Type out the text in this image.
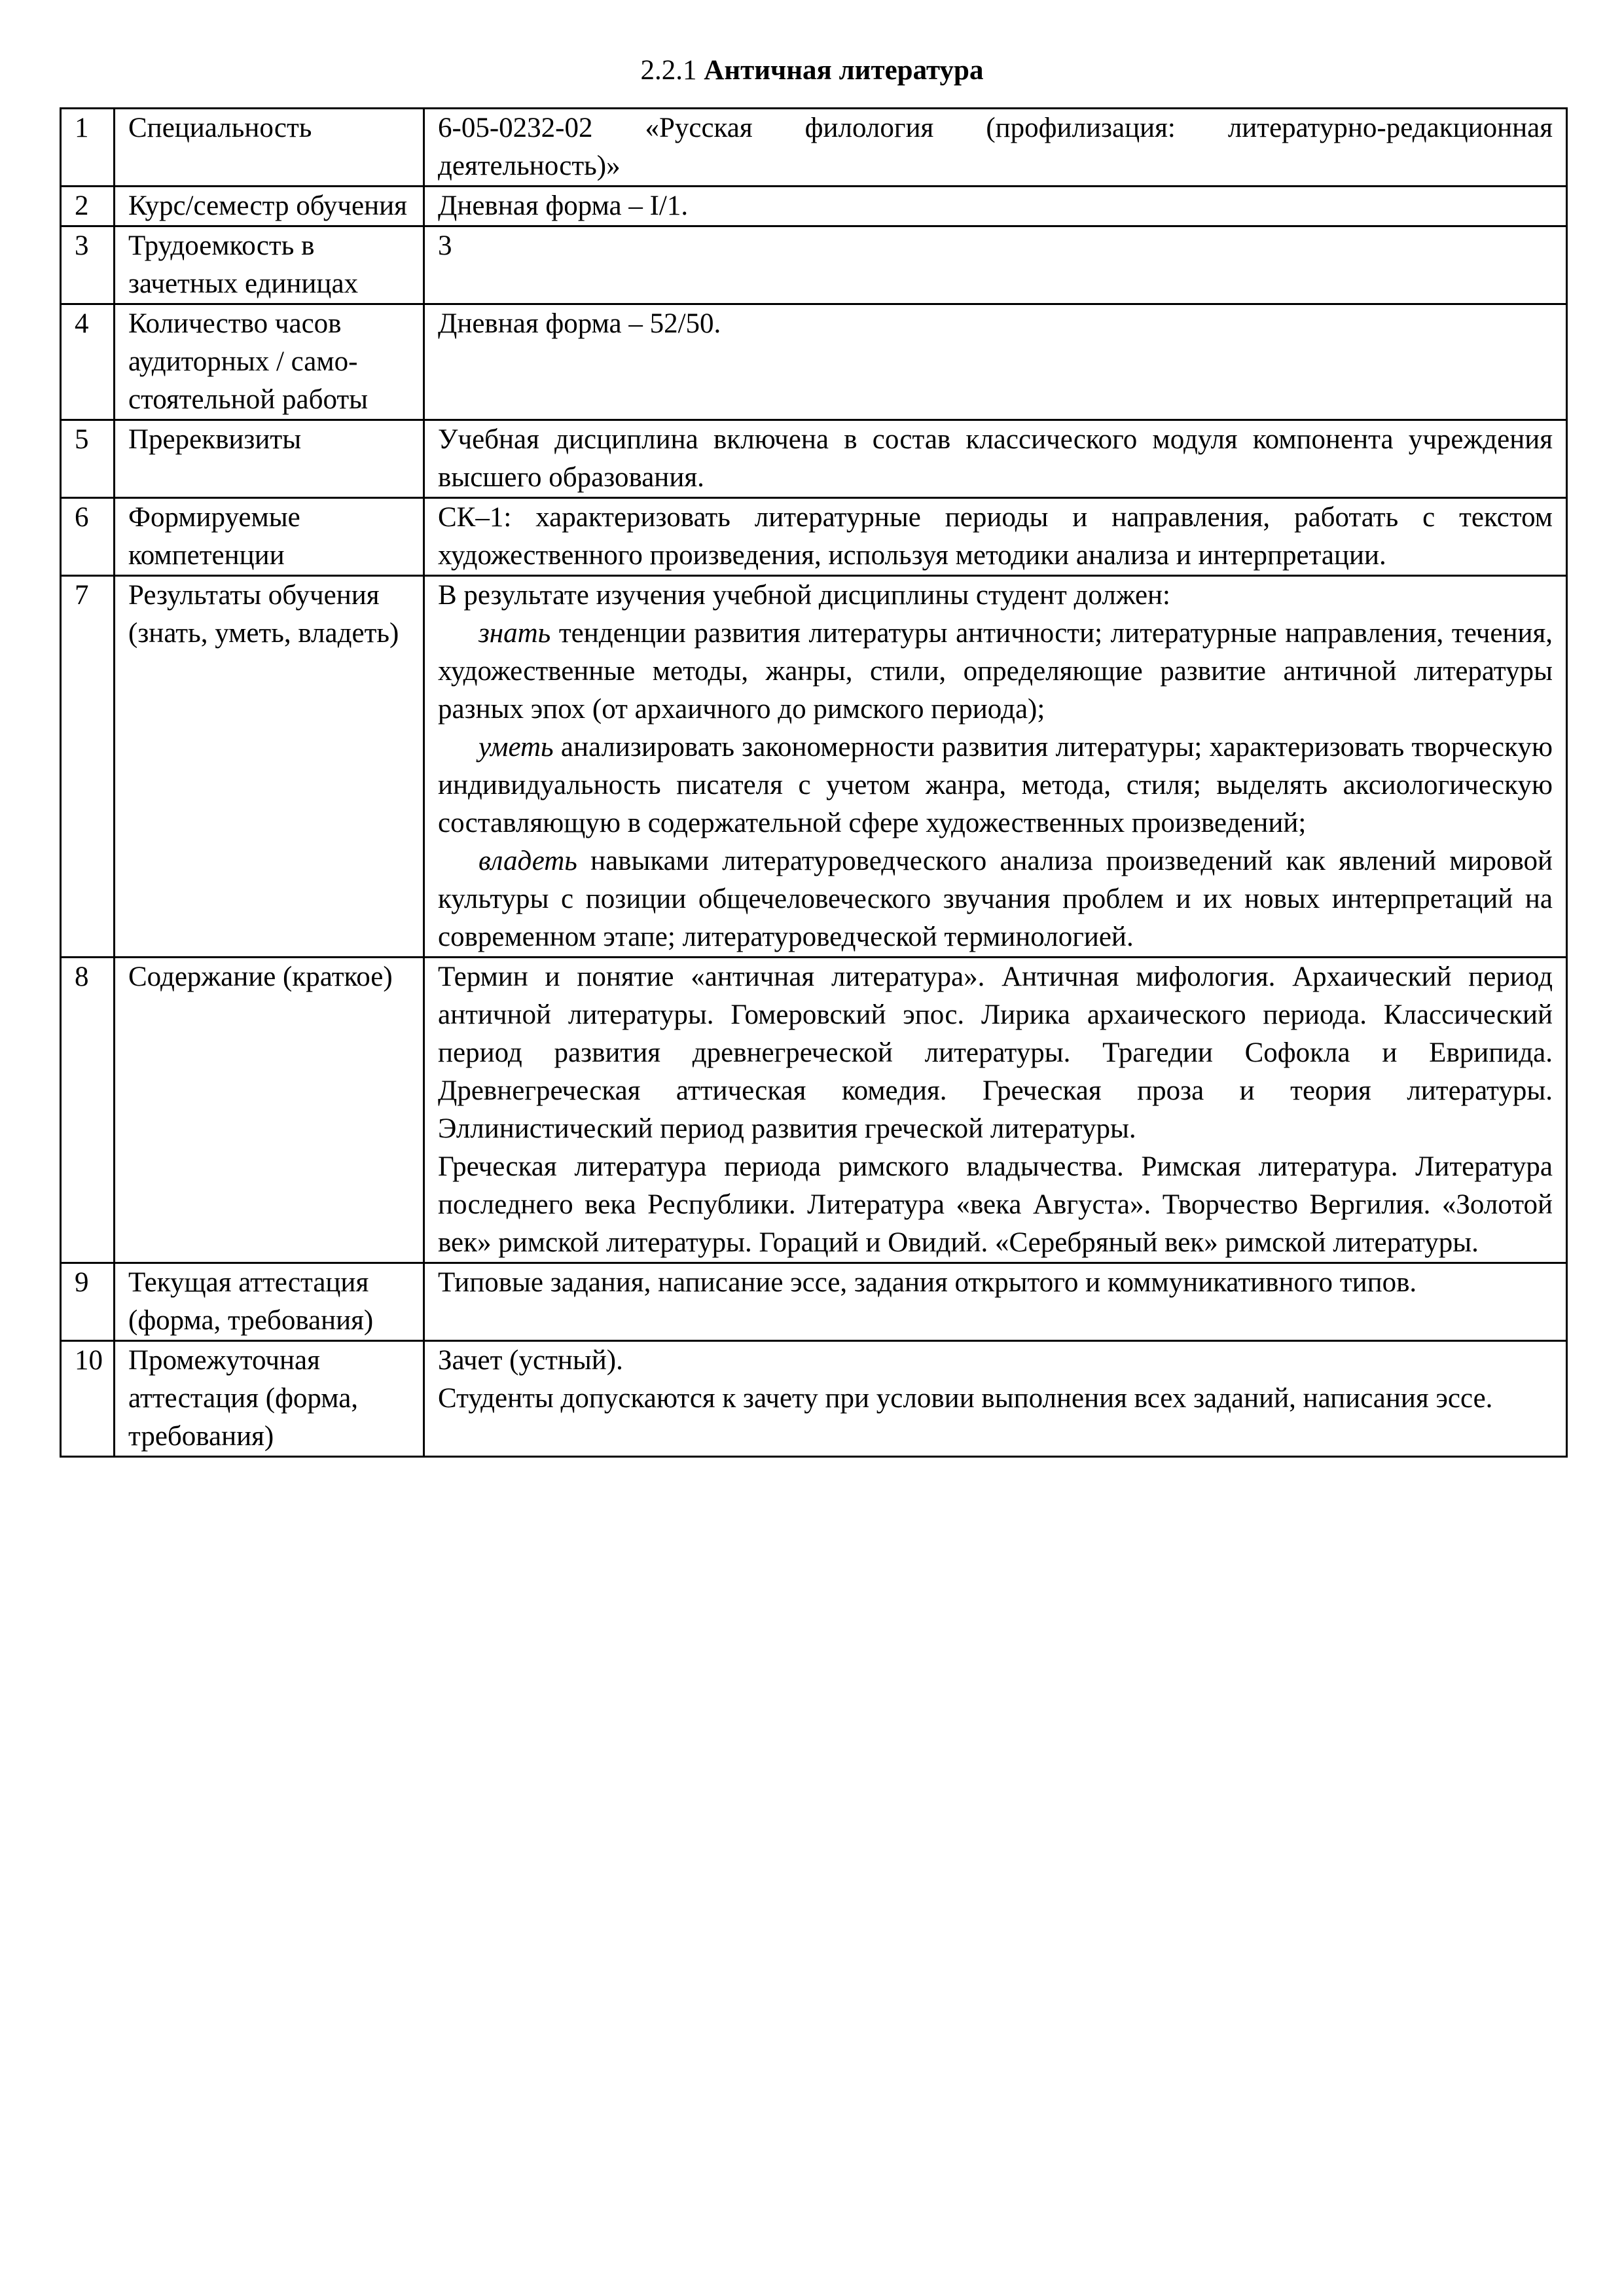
2.2.1 Античная литература
1	Специальность	6-05-0232-02 «Русская филология (профилизация: литературно-редакционная деятельность)»
2	Курс/семестр обучения	Дневная форма – I/1.
3	Трудоемкость в зачетных единицах	3
4	Количество часов аудиторных / само-стоятельной работы	Дневная форма – 52/50.
5	Пререквизиты	Учебная дисциплина включена в состав классического модуля компонента учреждения высшего образования.
6	Формируемые компетенции	СК–1: характеризовать литературные периоды и направления, работать с текстом художественного произведения, используя методики анализа и интерпретации.
7	Результаты обучения (знать, уметь, владеть)	В результате изучения учебной дисциплины студент должен:
знать тенденции развития литературы античности; литературные направления, течения, художественные методы, жанры, стили, определяющие развитие античной литературы разных эпох (от архаичного до римского периода);
уметь анализировать закономерности развития литературы; характеризовать творческую индивидуальность писателя с учетом жанра, метода, стиля; выделять аксиологическую составляющую в содержательной сфере художественных произведений;
владеть навыками литературоведческого анализа произведений как явлений мировой культуры с позиции общечеловеческого звучания проблем и их новых интерпретаций на современном этапе; литературоведческой терминологией.

8	Содержание (краткое)	Термин и понятие «античная литература». Античная мифология. Архаический период античной литературы. Гомеровский эпос. Лирика архаического периода. Классический период развития древнегреческой литературы. Трагедии Софокла и Еврипида. Древнегреческая аттическая комедия. Греческая проза и теория литературы. Эллинистический период развития греческой литературы.
Греческая литература периода римского владычества. Римская литература. Литература последнего века Республики. Литература «века Августа». Творчество Вергилия. «Золотой век» римской литературы. Гораций и Овидий. «Серебряный век» римской литературы.

9	Текущая аттестация (форма, требования)	Типовые задания, написание эссе, задания открытого и коммуникативного типов.
10	Промежуточная аттестация (форма, требования)	Зачет (устный).
Студенты допускаются к зачету при условии выполнения всех заданий, написания эссе.
